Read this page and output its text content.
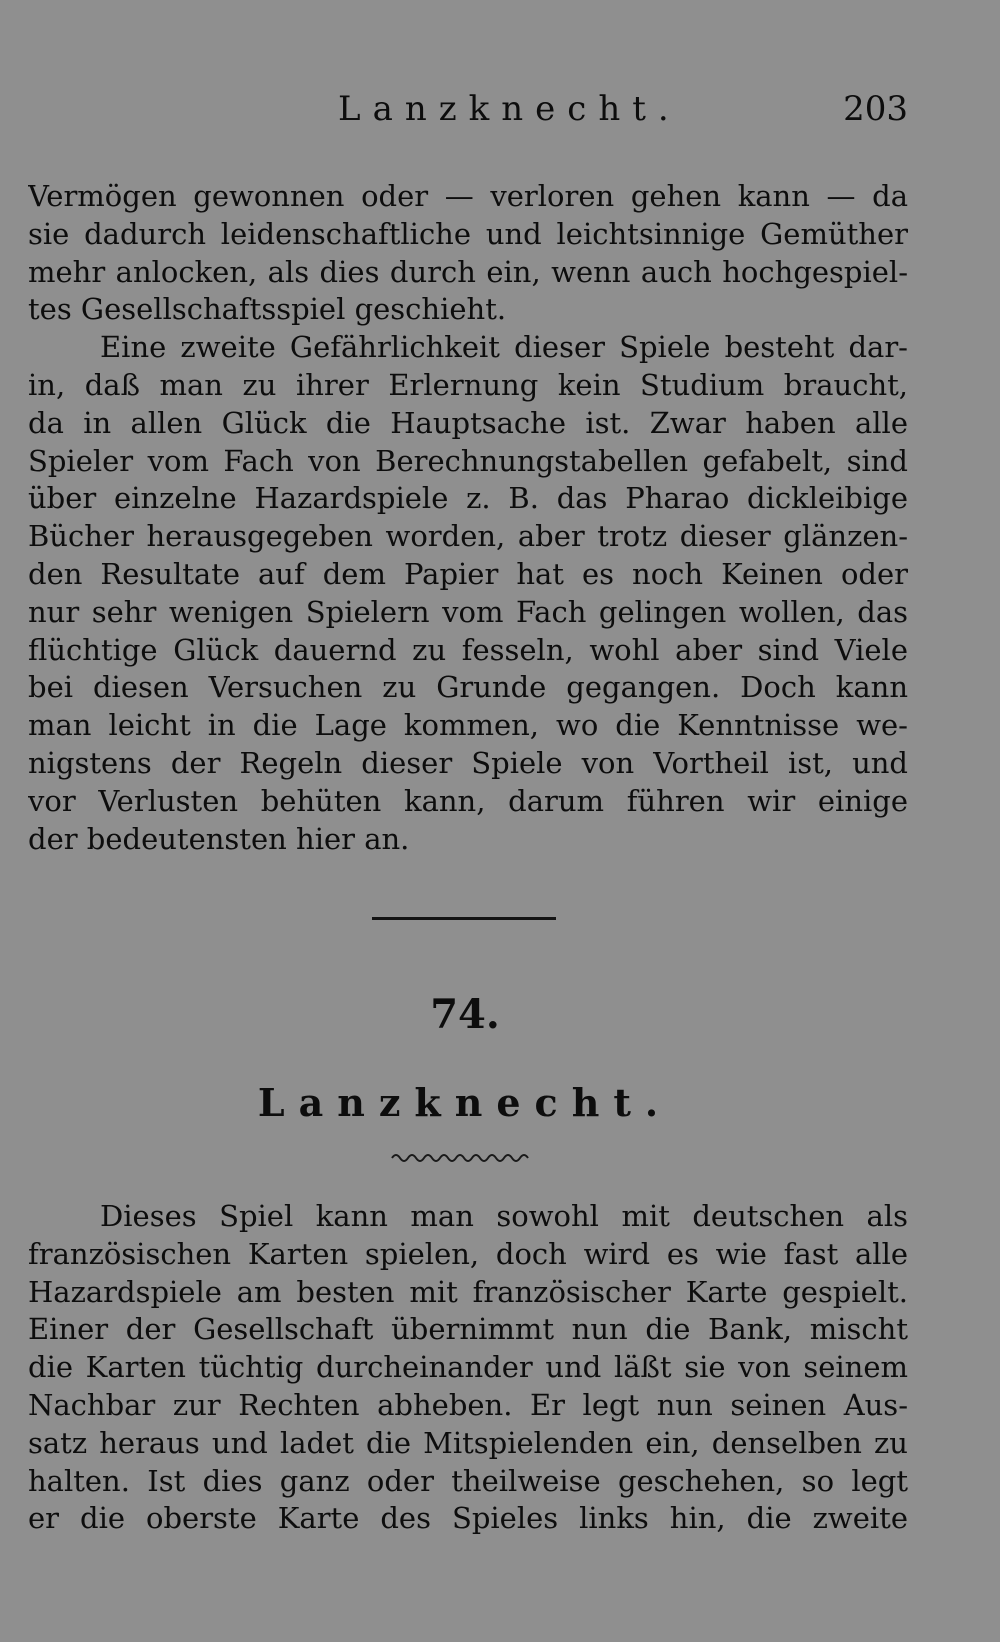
Lanzknecht.	203
Vermögen gewonnen oder — verloren gehen kann — da
sie dadurch leidenschaftliche und leichtsinnige Gemüther
mehr anlocken, als dies durch ein, wenn auch hochgespiel-
tes Gesellschaftsspiel geschieht.
Eine zweite Gefährlichkeit dieser Spiele besteht dar-
in, daß man zu ihrer Erlernung kein Studium braucht,
da in allen Glück die Hauptsache ist. Zwar haben alle
Spieler vom Fach von Berechnungstabellen gefabelt, sind
über einzelne Hazardspiele z. B. das Pharao dickleibige
Bücher herausgegeben worden, aber trotz dieser glänzen-
den Resultate auf dem Papier hat es noch Keinen oder
nur sehr wenigen Spielern vom Fach gelingen wollen, das
flüchtige Glück dauernd zu fesseln, wohl aber sind Viele
bei diesen Versuchen zu Grunde gegangen. Doch kann
man leicht in die Lage kommen, wo die Kenntnisse we-
nigstens der Regeln dieser Spiele von Vortheil ist, und
vor Verlusten behüten kann, darum führen wir einige
der bedeutensten hier an.
74.
Lanzknecht.
Dieses Spiel kann man sowohl mit deutschen als
französischen Karten spielen, doch wird es wie fast alle
Hazardspiele am besten mit französischer Karte gespielt.
Einer der Gesellschaft übernimmt nun die Bank, mischt
die Karten tüchtig durcheinander und läßt sie von seinem
Nachbar zur Rechten abheben. Er legt nun seinen Aus-
satz heraus und ladet die Mitspielenden ein, denselben zu
halten. Ist dies ganz oder theilweise geschehen, so legt
er die oberste Karte des Spieles links hin, die zweite
